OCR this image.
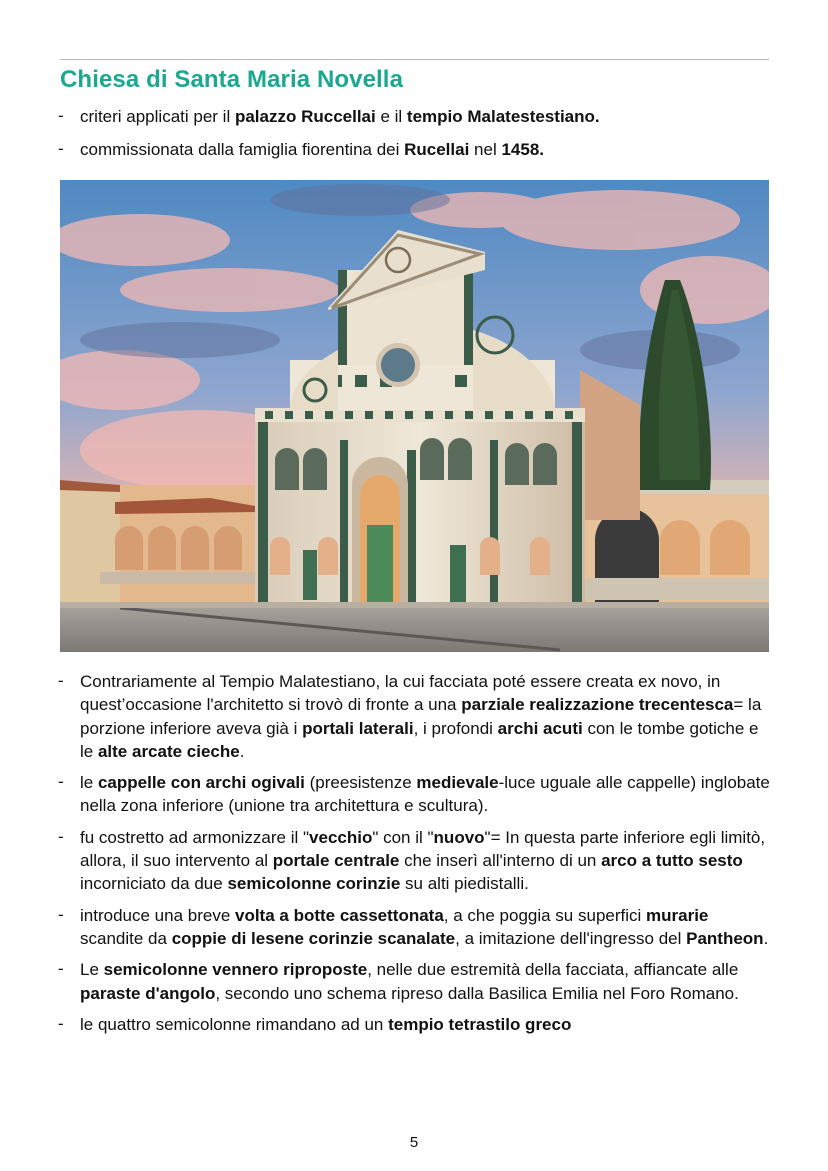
Chiesa di Santa Maria Novella
- criteri applicati per il palazzo Ruccellai e il tempio Malatestestiano.
- commissionata dalla famiglia fiorentina dei Rucellai nel 1458.
- Contrariamente al Tempio Malatestiano, la cui facciata poté essere creata ex novo, in quest’occasione l'architetto si trovò di fronte a una parziale realizzazione trecentesca= la porzione inferiore aveva già i portali laterali, i profondi archi acuti con le tombe gotiche e le alte arcate cieche.
- le cappelle con archi ogivali (preesistenze medievale-luce uguale alle cappelle) inglobate nella zona inferiore (unione tra architettura e scultura).
- fu costretto ad armonizzare il "vecchio" con il "nuovo"= In questa parte inferiore egli limitò, allora, il suo intervento al portale centrale che inserì all'interno di un arco a tutto sesto incorniciato da due semicolonne corinzie su alti piedistalli.
- introduce una breve volta a botte cassettonata, a che poggia su superfici murarie scandite da coppie di lesene corinzie scanalate, a imitazione dell'ingresso del Pantheon.
- Le semicolonne vennero riproposte, nelle due estremità della facciata, affiancate alle paraste d'angolo, secondo uno schema ripreso dalla Basilica Emilia nel Foro Romano.
- le quattro semicolonne rimandano ad un tempio tetrastilo greco
5
